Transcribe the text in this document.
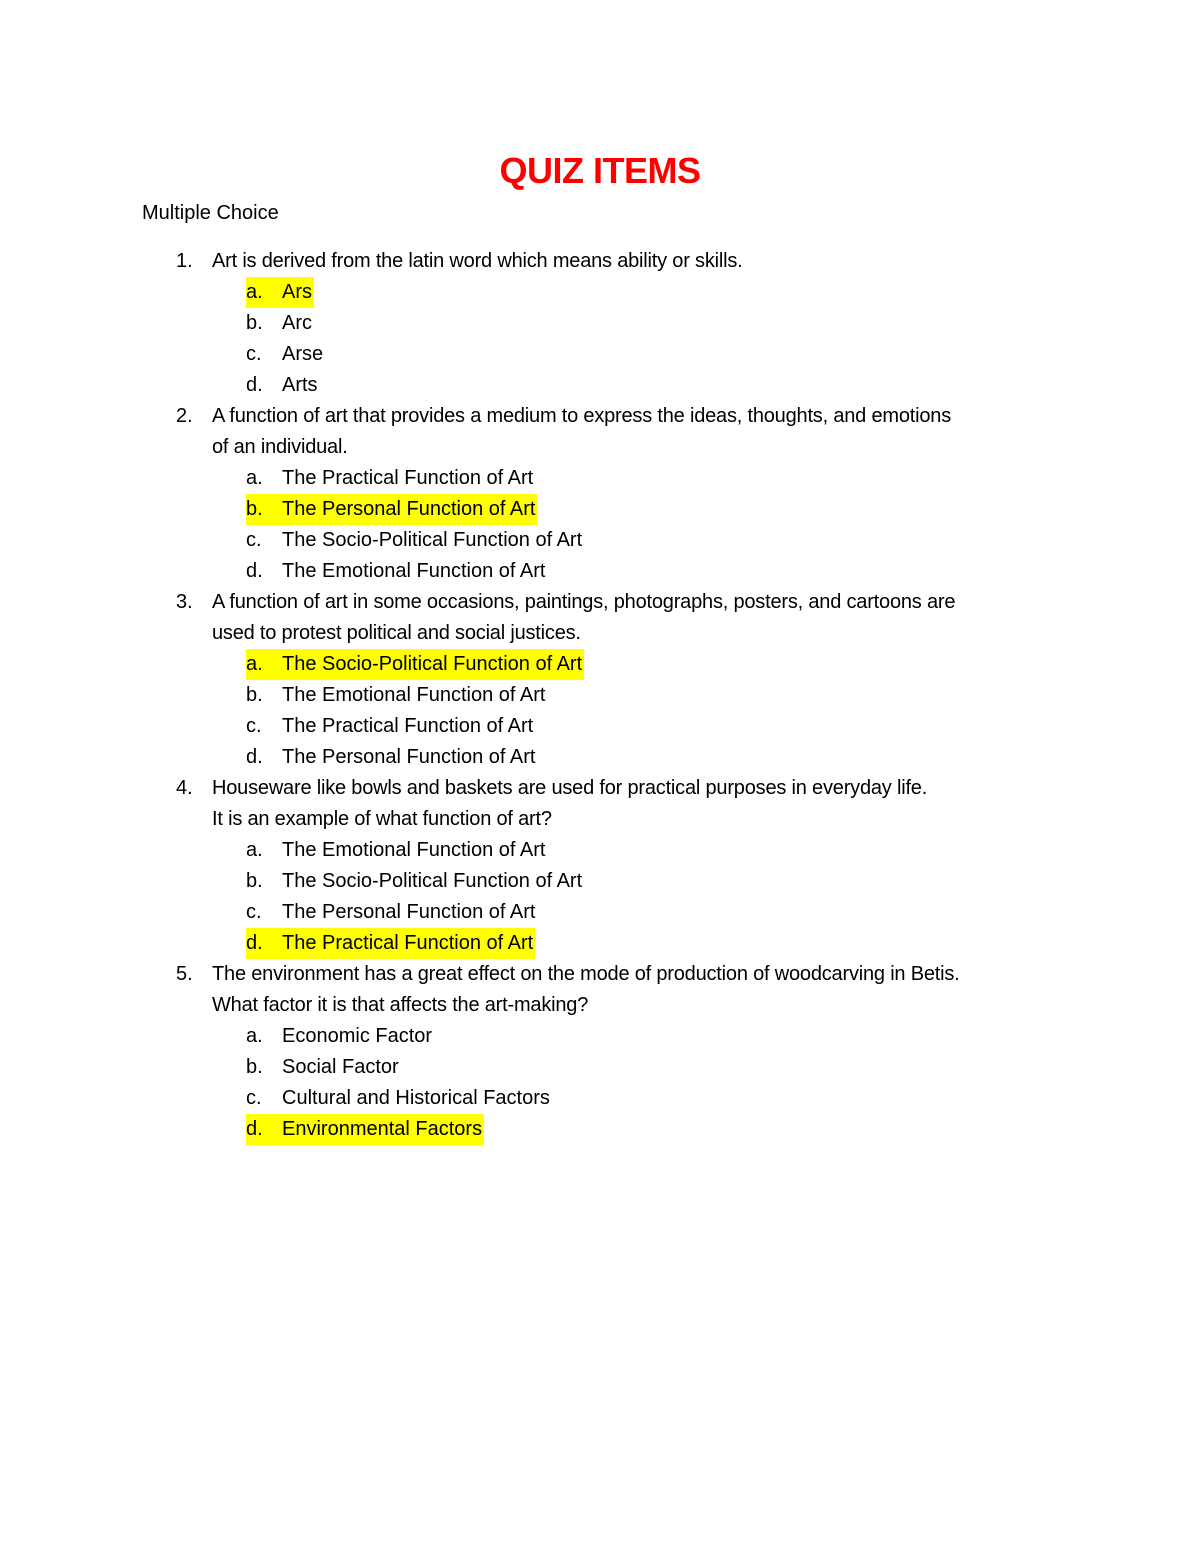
QUIZ ITEMS
Multiple Choice
1. Art is derived from the latin word which means ability or skills.
a. Ars
b. Arc
c.	Arse
d. Arts
2. A function of art that provides a medium to express the ideas, thoughts, and emotions
of an individual.
a. The Practical Function of Art
b. The Personal Function of Art
c.	The Socio-Political Function of Art
d. The Emotional Function of Art
3. A function of art in some occasions, paintings, photographs, posters, and cartoons are
used to protest political and social justices.
a. The Socio-Political Function of Art
b. The Emotional Function of Art
c.	The Practical Function of Art
d. The Personal Function of Art
4. Houseware like bowls and baskets are used for practical purposes in everyday life.
It is an example of what function of art?
a. The Emotional Function of Art
b. The Socio-Political Function of Art
c.	The Personal Function of Art
d. The Practical Function of Art
5. The environment has a great effect on the mode of production of woodcarving in Betis.
What factor it is that affects the art-making?
a. Economic Factor
b. Social Factor
c.	Cultural and Historical Factors
d. Environmental Factors
